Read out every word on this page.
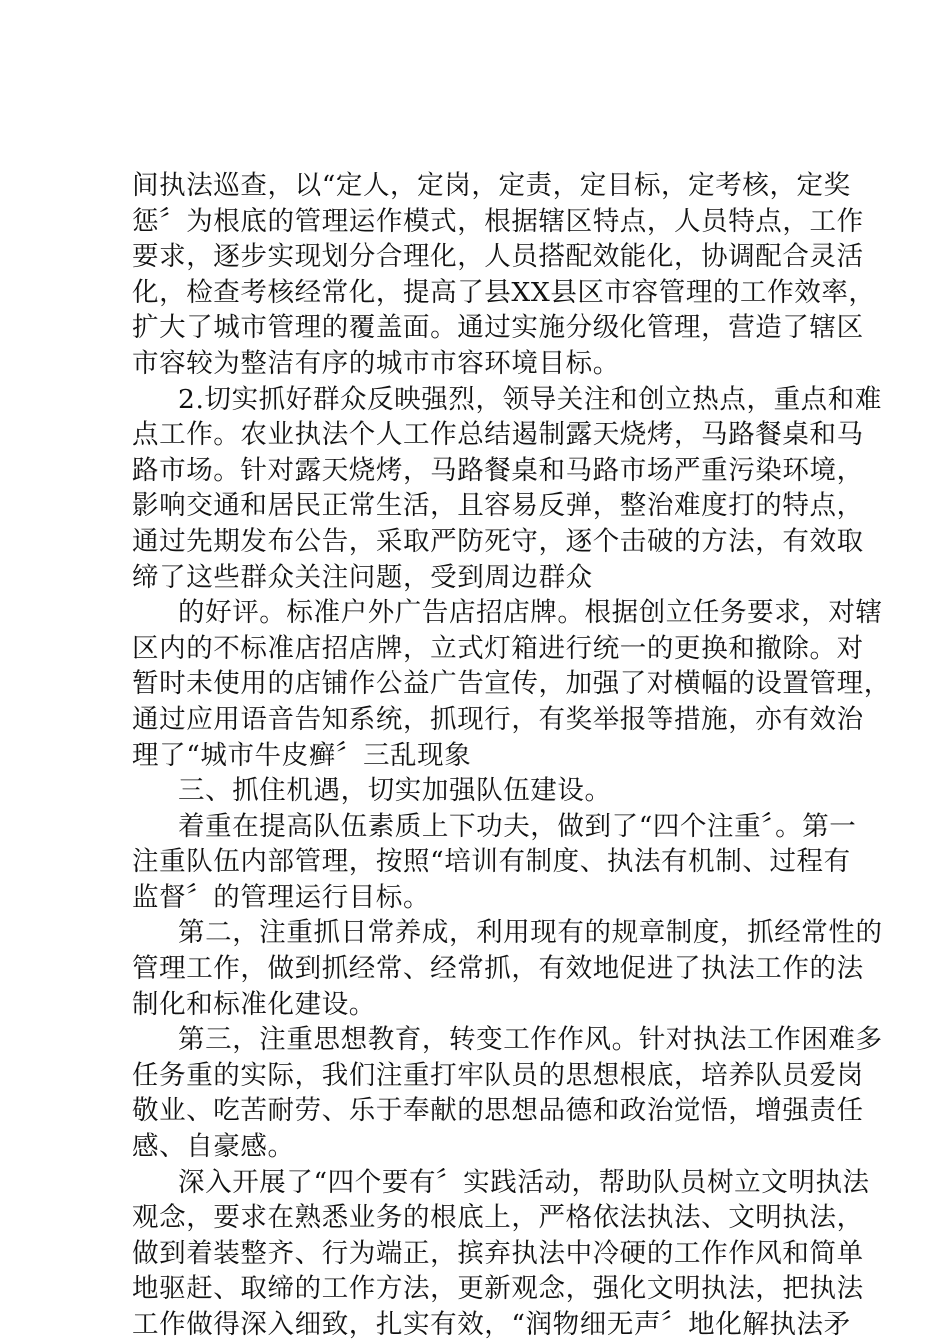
间执法巡查，以“定人，定岗，定责，定目标，定考核，定奖
惩〞为根底的管理运作模式，根据辖区特点，人员特点，工作
要求，逐步实现划分合理化，人员搭配效能化，协调配合灵活
化，检查考核经常化，提高了县XX县区市容管理的工作效率，
扩大了城市管理的覆盖面。通过实施分级化管理，营造了辖区
市容较为整洁有序的城市市容环境目标。
2.切实抓好群众反映强烈，领导关注和创立热点，重点和难
点工作。农业执法个人工作总结遏制露天烧烤，马路餐桌和马
路市场。针对露天烧烤，马路餐桌和马路市场严重污染环境，
影响交通和居民正常生活，且容易反弹，整治难度打的特点，
通过先期发布公告，采取严防死守，逐个击破的方法，有效取
缔了这些群众关注问题，受到周边群众
的好评。标准户外广告店招店牌。根据创立任务要求，对辖
区内的不标准店招店牌，立式灯箱进行统一的更换和撤除。对
暂时未使用的店铺作公益广告宣传，加强了对横幅的设置管理，
通过应用语音告知系统，抓现行，有奖举报等措施，亦有效治
理了“城市牛皮癣〞三乱现象
三、抓住机遇，切实加强队伍建设。
着重在提高队伍素质上下功夫，做到了“四个注重〞。第一
注重队伍内部管理，按照“培训有制度、执法有机制、过程有
监督〞的管理运行目标。
第二，注重抓日常养成，利用现有的规章制度，抓经常性的
管理工作，做到抓经常、经常抓，有效地促进了执法工作的法
制化和标准化建设。
第三，注重思想教育，转变工作作风。针对执法工作困难多
任务重的实际，我们注重打牢队员的思想根底，培养队员爱岗
敬业、吃苦耐劳、乐于奉献的思想品德和政治觉悟，增强责任
感、自豪感。
深入开展了“四个要有〞实践活动，帮助队员树立文明执法
观念，要求在熟悉业务的根底上，严格依法执法、文明执法，
做到着装整齐、行为端正，摈弃执法中冷硬的工作作风和简单
地驱赶、取缔的工作方法，更新观念，强化文明执法，把执法
工作做得深入细致，扎实有效，“润物细无声〞地化解执法矛
